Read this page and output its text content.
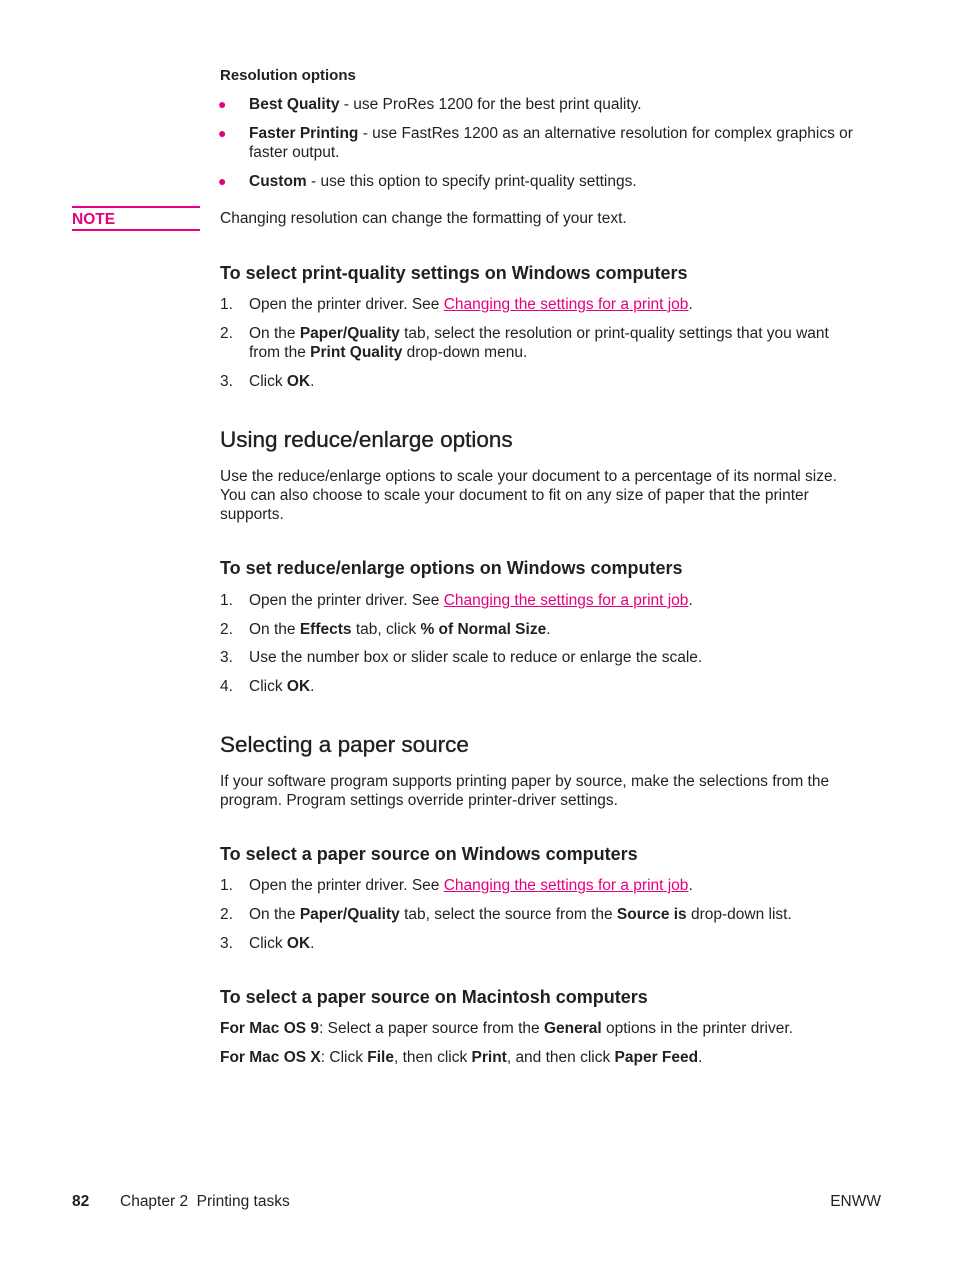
Resolution options

● Best Quality - use ProRes 1200 for the best print quality.
● Faster Printing - use FastRes 1200 as an alternative resolution for complex graphics or
faster output.
● Custom - use this option to specify print-quality settings.
NOTE	Changing resolution can change the formatting of your text.
To select print-quality settings on Windows computers
1. Open the printer driver. See Changing the settings for a print job.
2. On the Paper/Quality tab, select the resolution or print-quality settings that you want
from the Print Quality drop-down menu.
3. Click OK.
Using reduce/enlarge options

Use the reduce/enlarge options to scale your document to a percentage of its normal size.

You can also choose to scale your document to fit on any size of paper that the printer

supports.

To set reduce/enlarge options on Windows computers
1. Open the printer driver. See Changing the settings for a print job.
2. On the Effects tab, click % of Normal Size.
3. Use the number box or slider scale to reduce or enlarge the scale.
4. Click OK.
Selecting a paper source

If your software program supports printing paper by source, make the selections from the

program. Program settings override printer-driver settings.

To select a paper source on Windows computers
1. Open the printer driver. See Changing the settings for a print job.
2. On the Paper/Quality tab, select the source from the Source is drop-down list.
3. Click OK.
To select a paper source on Macintosh computers
For Mac OS 9: Select a paper source from the General options in the printer driver.
For Mac OS X: Click File, then click Print, and then click Paper Feed.
82 Chapter 2  Printing tasks	ENWW
